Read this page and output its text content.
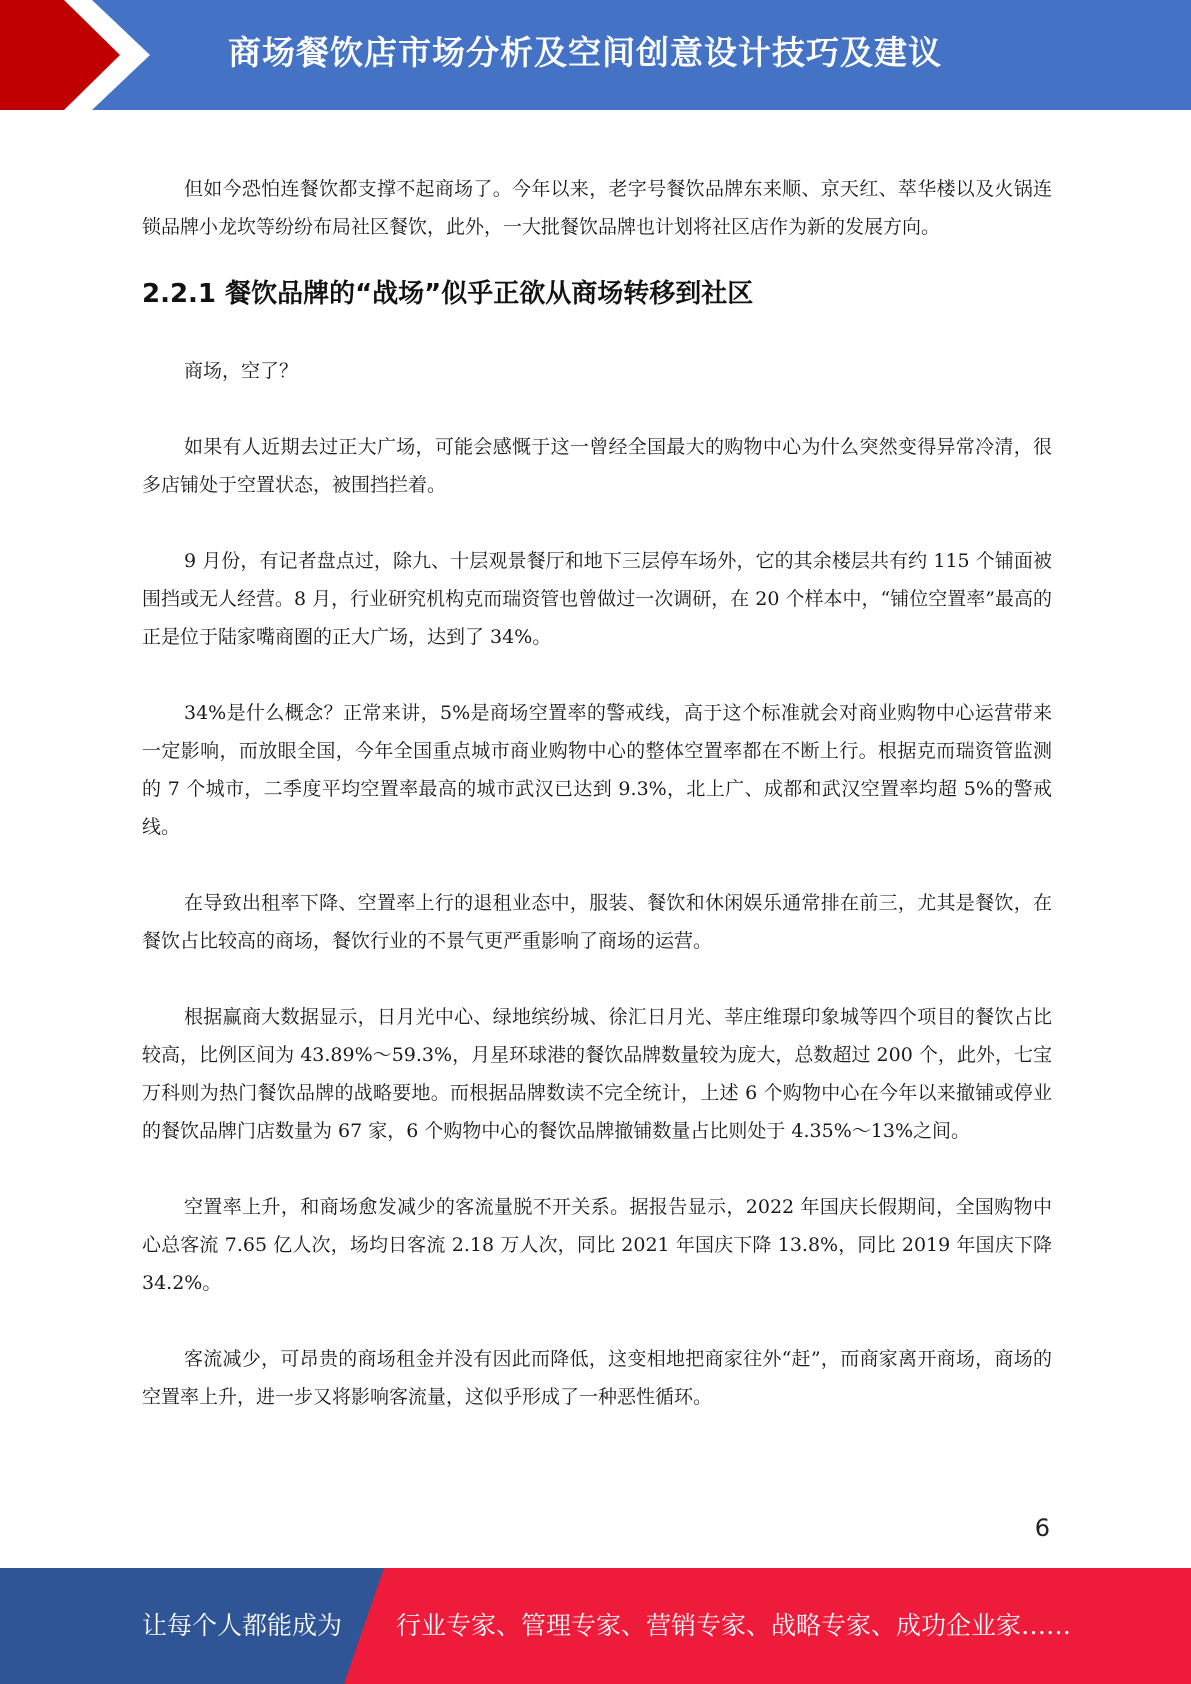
商场餐饮店市场分析及空间创意设计技巧及建议

但如今恐怕连餐饮都支撑不起商场了。今年以来，老字号餐饮品牌东来顺、京天红、萃华楼以及火锅连锁品牌小龙坎等纷纷布局社区餐饮，此外，一大批餐饮品牌也计划将社区店作为新的发展方向。

2.2.1 餐饮品牌的“战场”似乎正欲从商场转移到社区

商场，空了？

如果有人近期去过正大广场，可能会感慨于这一曾经全国最大的购物中心为什么突然变得异常冷清，很多店铺处于空置状态，被围挡拦着。

9 月份，有记者盘点过，除九、十层观景餐厅和地下三层停车场外，它的其余楼层共有约 115 个铺面被围挡或无人经营。8 月，行业研究机构克而瑞资管也曾做过一次调研，在 20 个样本中，“铺位空置率”最高的正是位于陆家嘴商圈的正大广场，达到了 34%。

34%是什么概念？正常来讲，5%是商场空置率的警戒线，高于这个标准就会对商业购物中心运营带来一定影响，而放眼全国，今年全国重点城市商业购物中心的整体空置率都在不断上行。根据克而瑞资管监测的 7 个城市，二季度平均空置率最高的城市武汉已达到 9.3%，北上广、成都和武汉空置率均超 5%的警戒线。

在导致出租率下降、空置率上行的退租业态中，服装、餐饮和休闲娱乐通常排在前三，尤其是餐饮，在餐饮占比较高的商场，餐饮行业的不景气更严重影响了商场的运营。

根据赢商大数据显示，日月光中心、绿地缤纷城、徐汇日月光、莘庄维璟印象城等四个项目的餐饮占比较高，比例区间为 43.89%～59.3%，月星环球港的餐饮品牌数量较为庞大，总数超过 200 个，此外，七宝万科则为热门餐饮品牌的战略要地。而根据品牌数读不完全统计，上述 6 个购物中心在今年以来撤铺或停业的餐饮品牌门店数量为 67 家，6 个购物中心的餐饮品牌撤铺数量占比则处于 4.35%～13%之间。

空置率上升，和商场愈发减少的客流量脱不开关系。据报告显示，2022 年国庆长假期间，全国购物中心总客流 7.65 亿人次，场均日客流 2.18 万人次，同比 2021 年国庆下降 13.8%，同比 2019 年国庆下降 34.2%。

客流减少，可昂贵的商场租金并没有因此而降低，这变相地把商家往外“赶”，而商家离开商场，商场的空置率上升，进一步又将影响客流量，这似乎形成了一种恶性循环。

6
让每个人都能成为 行业专家、管理专家、营销专家、战略专家、成功企业家……
